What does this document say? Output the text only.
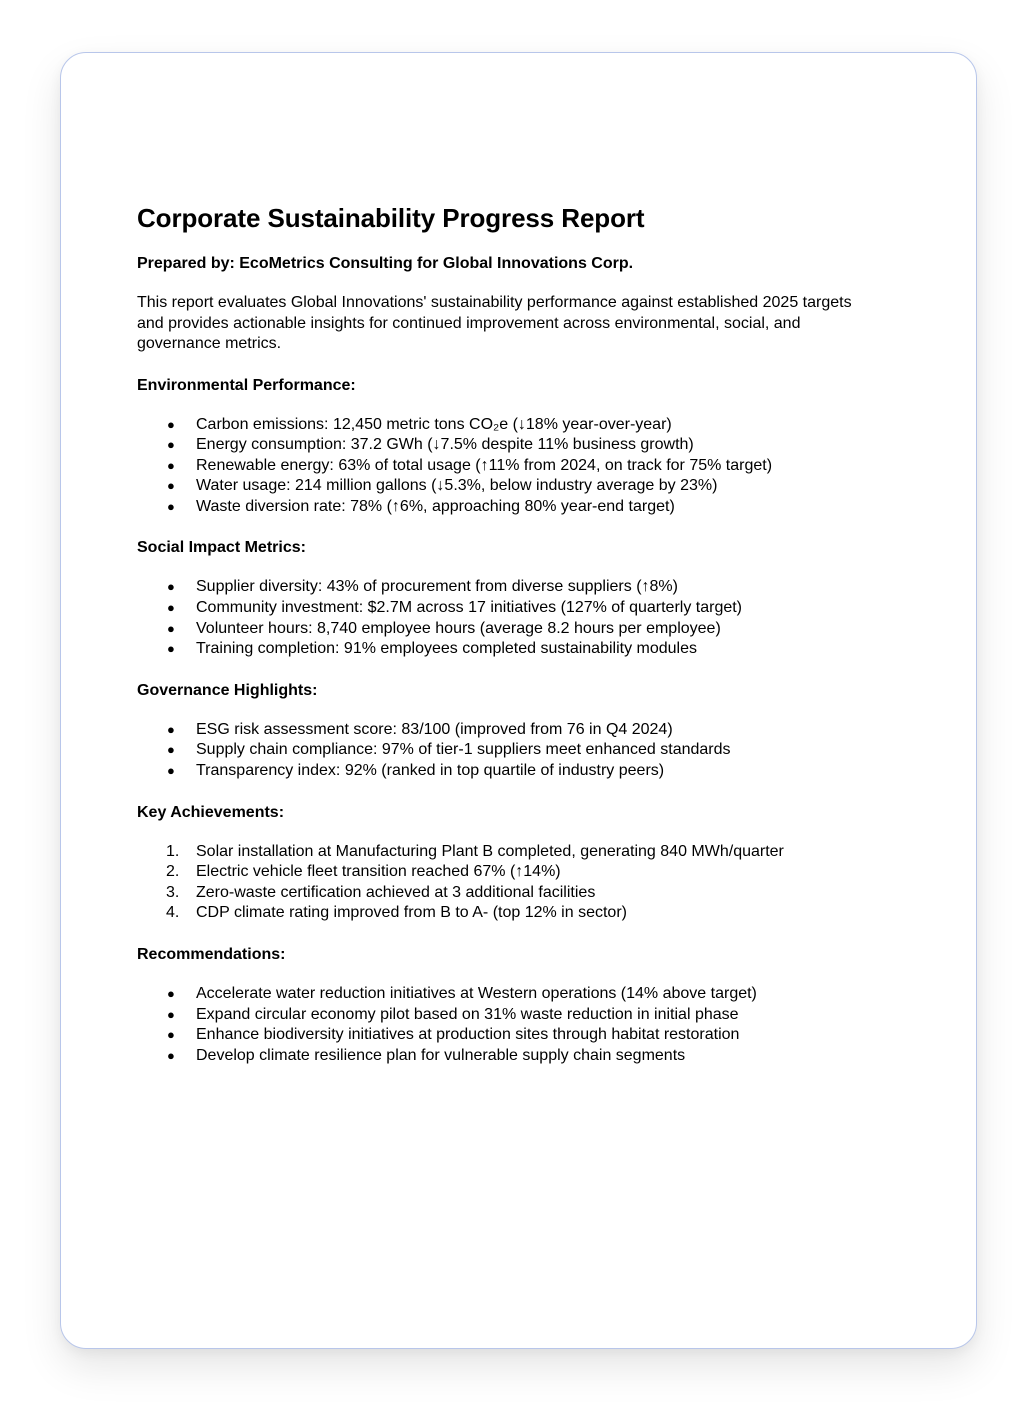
Corporate Sustainability Progress Report

Prepared by: EcoMetrics Consulting for Global Innovations Corp.

This report evaluates Global Innovations' sustainability performance against established 2025 targets and provides actionable insights for continued improvement across environmental, social, and governance metrics.

Environmental Performance:

● Carbon emissions: 12,450 metric tons CO₂e (↓18% year-over-year)
● Energy consumption: 37.2 GWh (↓7.5% despite 11% business growth)
● Renewable energy: 63% of total usage (↑11% from 2024, on track for 75% target)
● Water usage: 214 million gallons (↓5.3%, below industry average by 23%)
● Waste diversion rate: 78% (↑6%, approaching 80% year-end target)

Social Impact Metrics:

● Supplier diversity: 43% of procurement from diverse suppliers (↑8%)
● Community investment: $2.7M across 17 initiatives (127% of quarterly target)
● Volunteer hours: 8,740 employee hours (average 8.2 hours per employee)
● Training completion: 91% employees completed sustainability modules

Governance Highlights:

● ESG risk assessment score: 83/100 (improved from 76 in Q4 2024)
● Supply chain compliance: 97% of tier-1 suppliers meet enhanced standards
● Transparency index: 92% (ranked in top quartile of industry peers)

Key Achievements:

1. Solar installation at Manufacturing Plant B completed, generating 840 MWh/quarter
2. Electric vehicle fleet transition reached 67% (↑14%)
3. Zero-waste certification achieved at 3 additional facilities
4. CDP climate rating improved from B to A- (top 12% in sector)

Recommendations:

● Accelerate water reduction initiatives at Western operations (14% above target)
● Expand circular economy pilot based on 31% waste reduction in initial phase
● Enhance biodiversity initiatives at production sites through habitat restoration
● Develop climate resilience plan for vulnerable supply chain segments
